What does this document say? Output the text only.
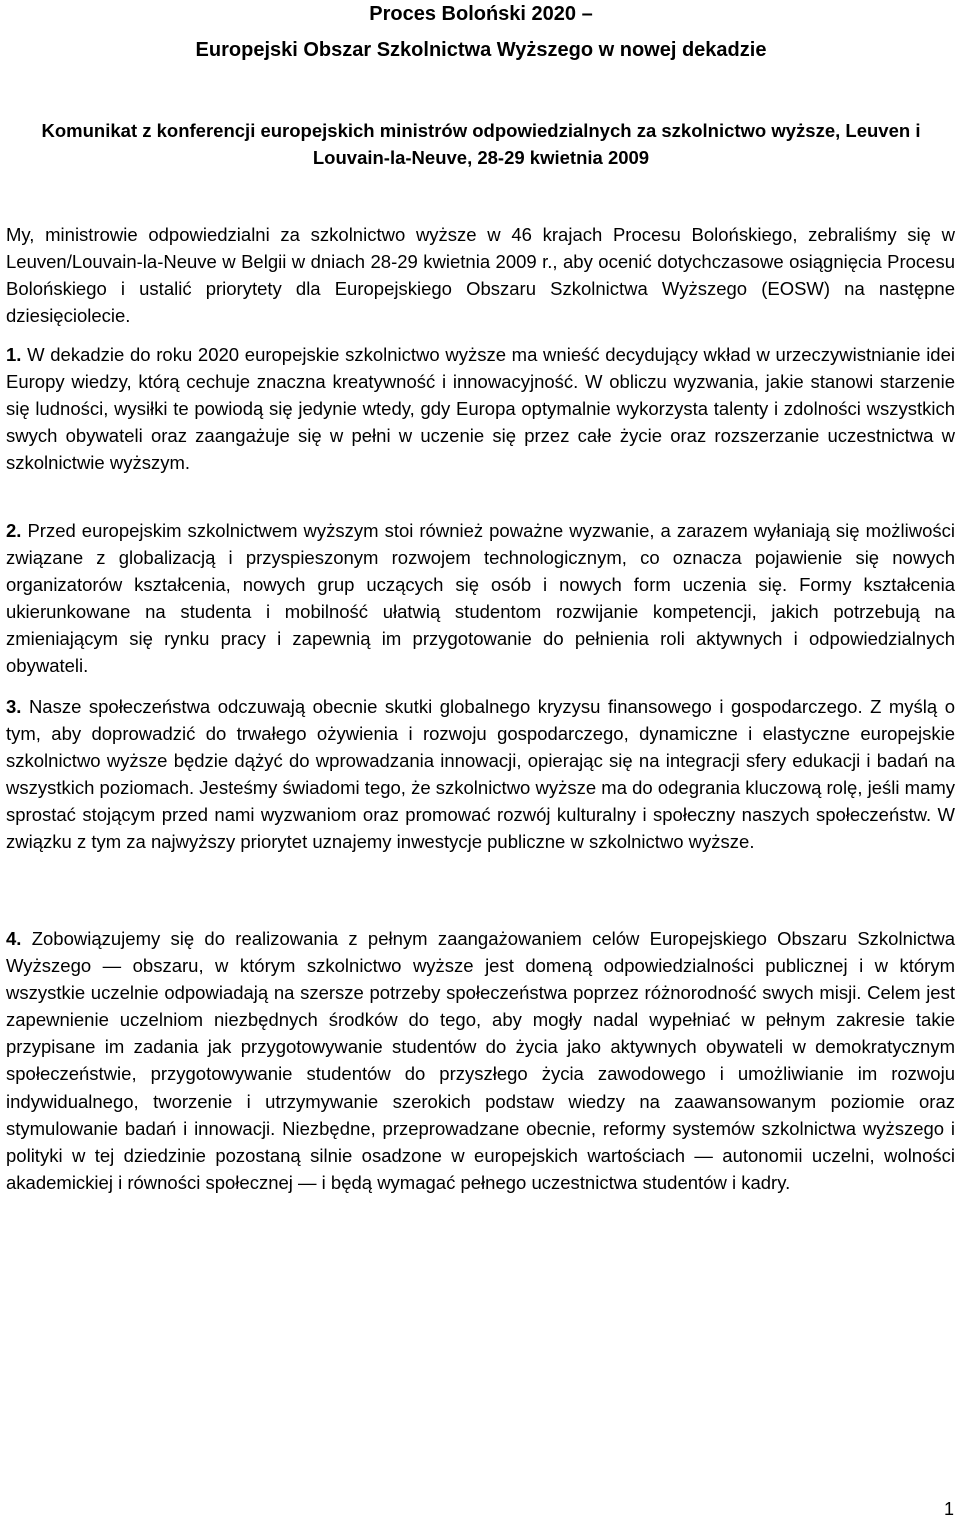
Proces Boloński 2020 –
Europejski Obszar Szkolnictwa Wyższego w nowej dekadzie
Komunikat z konferencji europejskich ministrów odpowiedzialnych za szkolnictwo wyższe, Leuven i Louvain-la-Neuve, 28-29 kwietnia 2009

My, ministrowie odpowiedzialni za szkolnictwo wyższe w 46 krajach Procesu Bolońskiego, zebraliśmy się w Leuven/Louvain-la-Neuve w Belgii w dniach 28-29 kwietnia 2009 r., aby ocenić dotychczasowe osiągnięcia Procesu Bolońskiego i ustalić priorytety dla Europejskiego Obszaru Szkolnictwa Wyższego (EOSW) na następne dziesięciolecie.

1. W dekadzie do roku 2020 europejskie szkolnictwo wyższe ma wnieść decydujący wkład w urzeczywistnianie idei Europy wiedzy, którą cechuje znaczna kreatywność i innowacyjność. W obliczu wyzwania, jakie stanowi starzenie się ludności, wysiłki te powiodą się jedynie wtedy, gdy Europa optymalnie wykorzysta talenty i zdolności wszystkich swych obywateli oraz zaangażuje się w pełni w uczenie się przez całe życie oraz rozszerzanie uczestnictwa w szkolnictwie wyższym.

2. Przed europejskim szkolnictwem wyższym stoi również poważne wyzwanie, a zarazem wyłaniają się możliwości związane z globalizacją i przyspieszonym rozwojem technologicznym, co oznacza pojawienie się nowych organizatorów kształcenia, nowych grup uczących się osób i nowych form uczenia się. Formy kształcenia ukierunkowane na studenta i mobilność ułatwią studentom rozwijanie kompetencji, jakich potrzebują na zmieniającym się rynku pracy i zapewnią im przygotowanie do pełnienia roli aktywnych i odpowiedzialnych obywateli.

3. Nasze społeczeństwa odczuwają obecnie skutki globalnego kryzysu finansowego i gospodarczego. Z myślą o tym, aby doprowadzić do trwałego ożywienia i rozwoju gospodarczego, dynamiczne i elastyczne europejskie szkolnictwo wyższe będzie dążyć do wprowadzania innowacji, opierając się na integracji sfery edukacji i badań na wszystkich poziomach. Jesteśmy świadomi tego, że szkolnictwo wyższe ma do odegrania kluczową rolę, jeśli mamy sprostać stojącym przed nami wyzwaniom oraz promować rozwój kulturalny i społeczny naszych społeczeństw. W związku z tym za najwyższy priorytet uznajemy inwestycje publiczne w szkolnictwo wyższe.

4. Zobowiązujemy się do realizowania z pełnym zaangażowaniem celów Europejskiego Obszaru Szkolnictwa Wyższego — obszaru, w którym szkolnictwo wyższe jest domeną odpowiedzialności publicznej i w którym wszystkie uczelnie odpowiadają na szersze potrzeby społeczeństwa poprzez różnorodność swych misji. Celem jest zapewnienie uczelniom niezbędnych środków do tego, aby mogły nadal wypełniać w pełnym zakresie takie przypisane im zadania jak przygotowywanie studentów do życia jako aktywnych obywateli w demokratycznym społeczeństwie, przygotowywanie studentów do przyszłego życia zawodowego i umożliwianie im rozwoju indywidualnego, tworzenie i utrzymywanie szerokich podstaw wiedzy na zaawansowanym poziomie oraz stymulowanie badań i innowacji. Niezbędne, przeprowadzane obecnie, reformy systemów szkolnictwa wyższego i polityki w tej dziedzinie pozostaną silnie osadzone w europejskich wartościach — autonomii uczelni, wolności akademickiej i równości społecznej — i będą wymagać pełnego uczestnictwa studentów i kadry.

1
